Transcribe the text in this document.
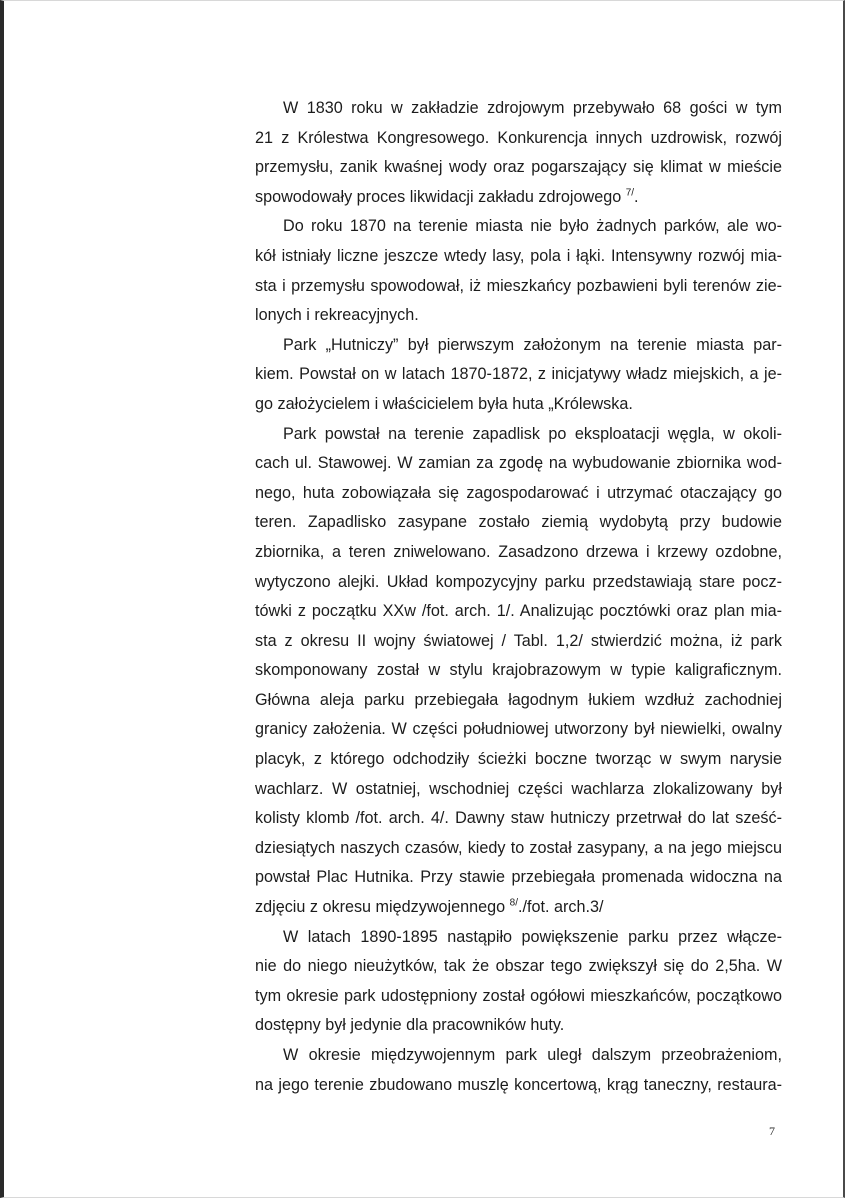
W 1830 roku w zakładzie zdrojowym przebywało 68 gości w tym
21 z Królestwa Kongresowego. Konkurencja innych uzdrowisk, rozwój
przemysłu, zanik kwaśnej wody oraz pogarszający się klimat w mieście
spowodowały proces likwidacji zakładu zdrojowego $^{7/}$.
Do roku 1870 na terenie miasta nie było żadnych parków, ale wo-
kół istniały liczne jeszcze wtedy lasy, pola i łąki. Intensywny rozwój mia-
sta i przemysłu spowodował, iż mieszkańcy pozbawieni byli terenów zie-
lonych i rekreacyjnych.
Park „Hutniczy” był pierwszym założonym na terenie miasta par-
kiem. Powstał on w latach 1870-1872, z inicjatywy władz miejskich, a je-
go założycielem i właścicielem była huta „Królewska.
Park powstał na terenie zapadlisk po eksploatacji węgla, w okoli-
cach ul. Stawowej. W zamian za zgodę na wybudowanie zbiornika wod-
nego, huta zobowiązała się zagospodarować i utrzymać otaczający go
teren. Zapadlisko zasypane zostało ziemią wydobytą przy budowie
zbiornika, a teren zniwelowano. Zasadzono drzewa i krzewy ozdobne,
wytyczono alejki. Układ kompozycyjny parku przedstawiają stare pocz-
tówki z początku XXw /fot. arch. 1/. Analizując pocztówki oraz plan mia-
sta z okresu II wojny światowej / Tabl. 1,2/ stwierdzić można, iż park
skomponowany został w stylu krajobrazowym w typie kaligraficznym.
Główna aleja parku przebiegała łagodnym łukiem wzdłuż zachodniej
granicy założenia. W części południowej utworzony był niewielki, owalny
placyk, z którego odchodziły ścieżki boczne tworząc w swym narysie
wachlarz. W ostatniej, wschodniej części wachlarza zlokalizowany był
kolisty klomb /fot. arch. 4/. Dawny staw hutniczy przetrwał do lat sześć-
dziesiątych naszych czasów, kiedy to został zasypany, a na jego miejscu
powstał Plac Hutnika. Przy stawie przebiegała promenada widoczna na
zdjęciu z okresu międzywojennego $^{8/}$./fot. arch.3/
W latach 1890-1895 nastąpiło powiększenie parku przez włącze-
nie do niego nieużytków, tak że obszar tego zwiększył się do 2,5ha. W
tym okresie park udostępniony został ogółowi mieszkańców, początkowo
dostępny był jedynie dla pracowników huty.
W okresie międzywojennym park uległ dalszym przeobrażeniom,
na jego terenie zbudowano muszlę koncertową, krąg taneczny, restaura-
7
